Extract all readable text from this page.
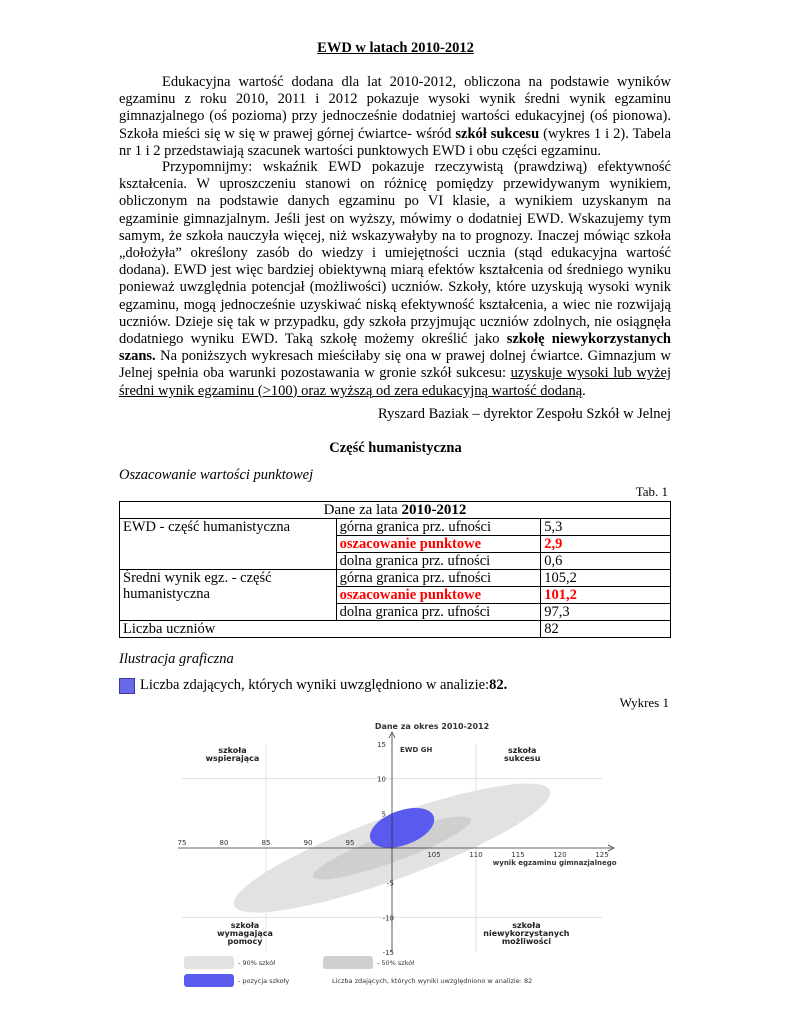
EWD w latach 2010-2012
Edukacyjna wartość dodana dla lat 2010-2012, obliczona na podstawie wyników egzaminu z roku 2010, 2011 i 2012 pokazuje wysoki wynik średni wynik egzaminu gimnazjalnego (oś pozioma) przy jednocześnie dodatniej wartości edukacyjnej (oś pionowa). Szkoła mieści się w się w prawej górnej ćwiartce- wśród szkół sukcesu (wykres 1 i 2). Tabela nr 1 i 2 przedstawiają szacunek wartości punktowych EWD i obu części egzaminu.
Przypomnijmy: wskaźnik EWD pokazuje rzeczywistą (prawdziwą) efektywność kształcenia. W uproszczeniu stanowi on różnicę pomiędzy przewidywanym wynikiem, obliczonym na podstawie danych egzaminu po VI klasie, a wynikiem uzyskanym na egzaminie gimnazjalnym. Jeśli jest on wyższy, mówimy o dodatniej EWD. Wskazujemy tym samym, że szkoła nauczyła więcej, niż wskazywałyby na to prognozy. Inaczej mówiąc szkoła „dołożyła” określony zasób do wiedzy i umiejętności ucznia (stąd edukacyjna wartość dodana). EWD jest więc bardziej obiektywną miarą efektów kształcenia od średniego wyniku ponieważ uwzględnia potencjał (możliwości) uczniów. Szkoły, które uzyskują wysoki wynik egzaminu, mogą jednocześnie uzyskiwać niską efektywność kształcenia, a wiec nie rozwijają uczniów. Dzieje się tak w przypadku, gdy szkoła przyjmując uczniów zdolnych, nie osiągnęła dodatniego wyniku EWD. Taką szkołę możemy określić jako szkołę niewykorzystanych szans. Na poniższych wykresach mieściłaby się ona w prawej dolnej ćwiartce. Gimnazjum w Jelnej spełnia oba warunki pozostawania w gronie szkół sukcesu: uzyskuje wysoki lub wyżej średni wynik egzaminu (>100) oraz wyższą od zera edukacyjną wartość dodaną.
Ryszard Baziak – dyrektor Zespołu Szkół w Jelnej
Część humanistyczna
Oszacowanie wartości punktowej
Tab. 1
Dane za lata 2010-2012		
EWD - część humanistyczna	górna granica prz. ufności	5,3
	oszacowanie punktowe	2,9
	dolna granica prz. ufności	0,6
Średni wynik egz. - część humanistyczna	górna granica prz. ufności	105,2
	oszacowanie punktowe	101,2
	dolna granica prz. ufności	97,3
Liczba uczniów		82
Ilustracja graficzna
Liczba zdających, których wyniki uwzględniono w analizie: 82.
Wykres 1
Dane za okres 2010-2012
EWD GH
wynik egzaminu gimnazjalnego
75	80	85	90	95
105	110	115	120	125
15
10
5
-5
-10
-15
szkoła
wspierająca
szkoła
sukcesu
szkoła
wymagająca
pomocy
szkoła
niewykorzystanych
możliwości
- 90% szkół	- 50% szkół
- pozycja szkoły	Liczba zdających, których wyniki uwzględniono w analizie: 82
